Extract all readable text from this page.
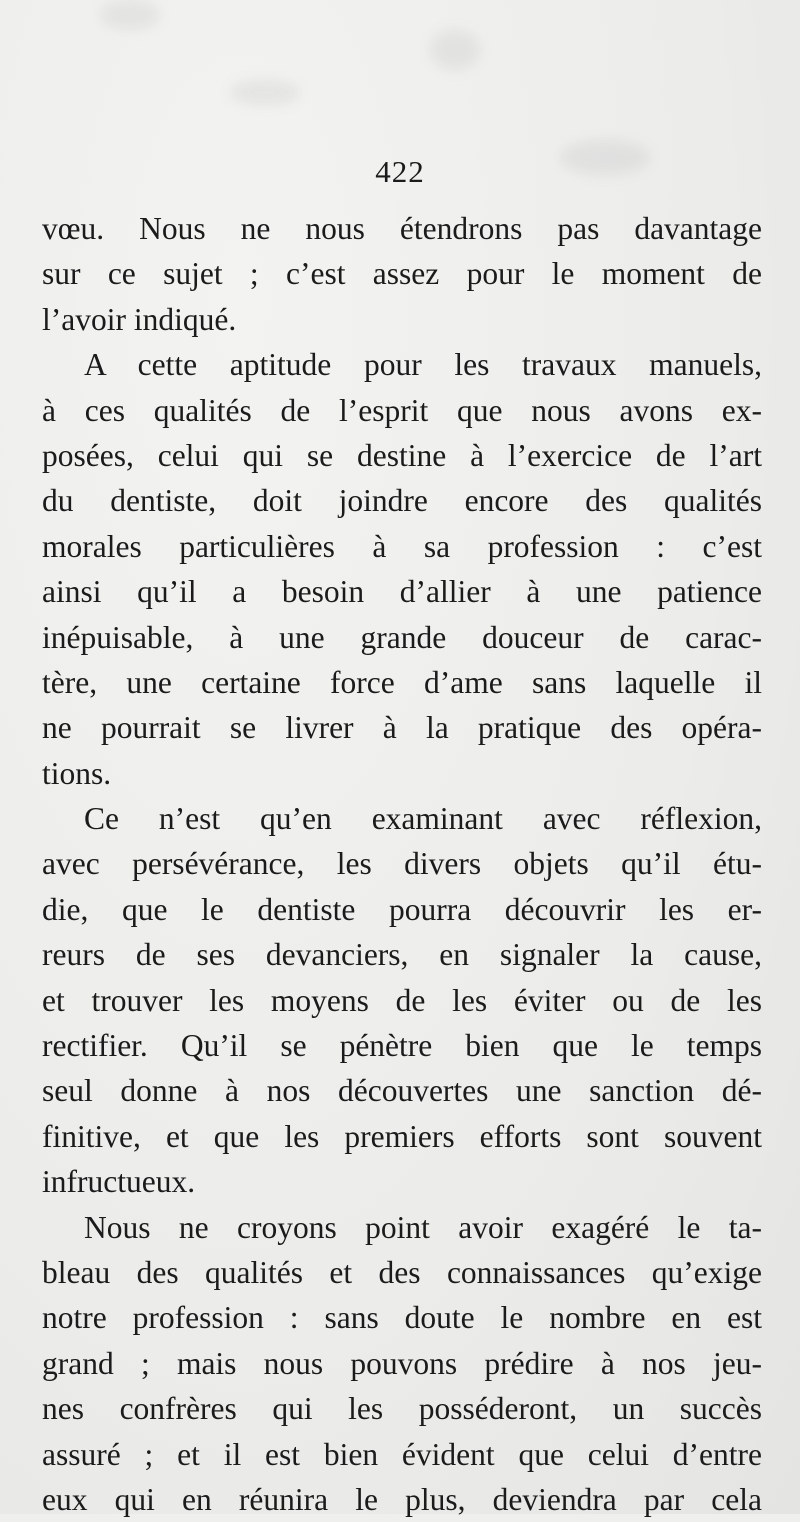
422
vœu. Nous ne nous étendrons pas davantage
sur ce sujet ; c’est assez pour le moment de
l’avoir indiqué.
A cette aptitude pour les travaux manuels,
à ces qualités de l’esprit que nous avons ex-
posées, celui qui se destine à l’exercice de l’art
du dentiste, doit joindre encore des qualités
morales particulières à sa profession : c’est
ainsi qu’il a besoin d’allier à une patience
inépuisable, à une grande douceur de carac-
tère, une certaine force d’ame sans laquelle il
ne pourrait se livrer à la pratique des opéra-
tions.
Ce n’est qu’en examinant avec réflexion,
avec persévérance, les divers objets qu’il étu-
die, que le dentiste pourra découvrir les er-
reurs de ses devanciers, en signaler la cause,
et trouver les moyens de les éviter ou de les
rectifier. Qu’il se pénètre bien que le temps
seul donne à nos découvertes une sanction dé-
finitive, et que les premiers efforts sont souvent
infructueux.
Nous ne croyons point avoir exagéré le ta-
bleau des qualités et des connaissances qu’exige
notre profession : sans doute le nombre en est
grand ; mais nous pouvons prédire à nos jeu-
nes confrères qui les posséderont, un succès
assuré ; et il est bien évident que celui d’entre
eux qui en réunira le plus, deviendra par cela
